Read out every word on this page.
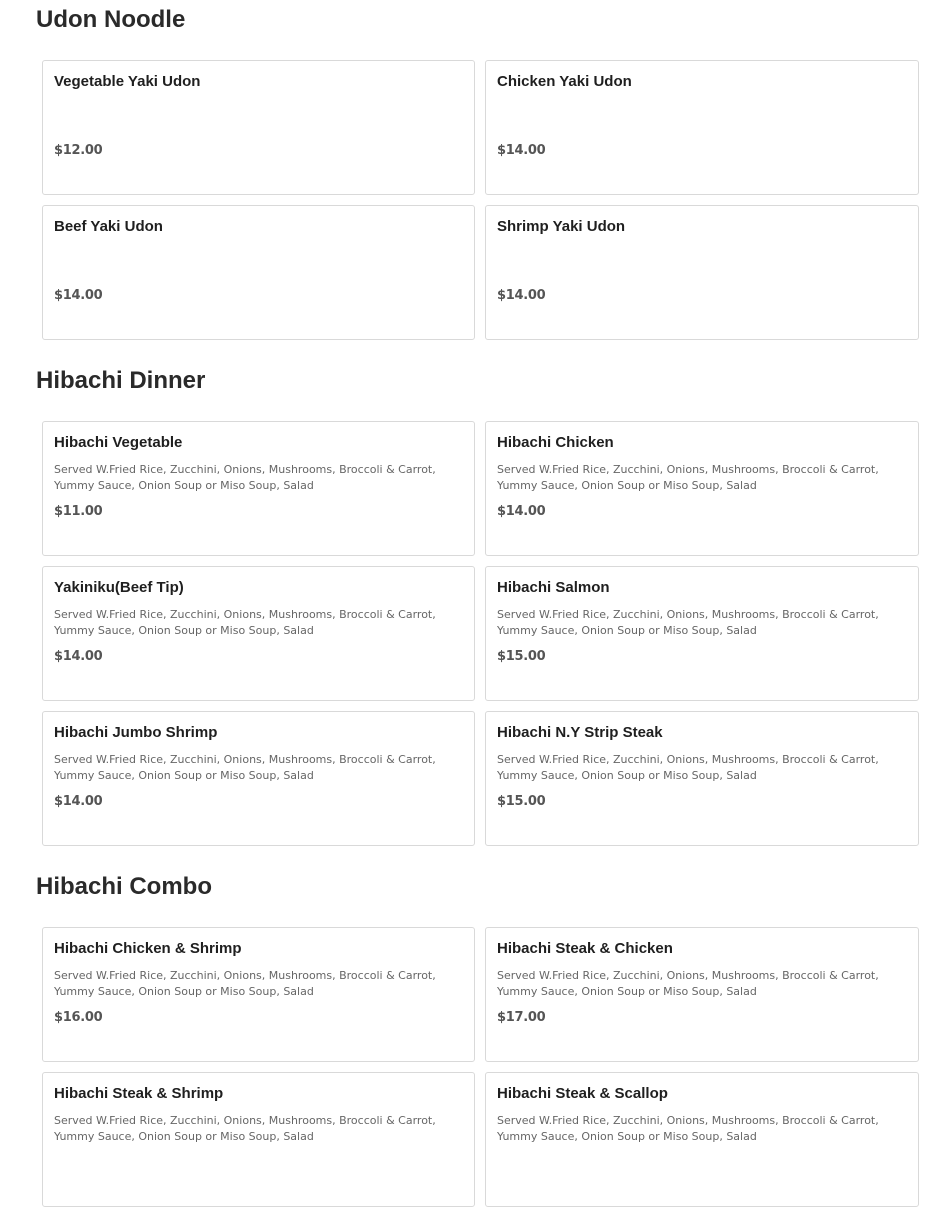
Udon Noodle
Vegetable Yaki Udon
$12.00
Chicken Yaki Udon
$14.00
Beef Yaki Udon
$14.00
Shrimp Yaki Udon
$14.00
Hibachi Dinner
Hibachi Vegetable
Served W.Fried Rice, Zucchini, Onions, Mushrooms, Broccoli & Carrot, Yummy Sauce, Onion Soup or Miso Soup, Salad
$11.00
Hibachi Chicken
Served W.Fried Rice, Zucchini, Onions, Mushrooms, Broccoli & Carrot, Yummy Sauce, Onion Soup or Miso Soup, Salad
$14.00
Yakiniku(Beef Tip)
Served W.Fried Rice, Zucchini, Onions, Mushrooms, Broccoli & Carrot, Yummy Sauce, Onion Soup or Miso Soup, Salad
$14.00
Hibachi Salmon
Served W.Fried Rice, Zucchini, Onions, Mushrooms, Broccoli & Carrot, Yummy Sauce, Onion Soup or Miso Soup, Salad
$15.00
Hibachi Jumbo Shrimp
Served W.Fried Rice, Zucchini, Onions, Mushrooms, Broccoli & Carrot, Yummy Sauce, Onion Soup or Miso Soup, Salad
$14.00
Hibachi N.Y Strip Steak
Served W.Fried Rice, Zucchini, Onions, Mushrooms, Broccoli & Carrot, Yummy Sauce, Onion Soup or Miso Soup, Salad
$15.00
Hibachi Combo
Hibachi Chicken & Shrimp
Served W.Fried Rice, Zucchini, Onions, Mushrooms, Broccoli & Carrot, Yummy Sauce, Onion Soup or Miso Soup, Salad
$16.00
Hibachi Steak & Chicken
Served W.Fried Rice, Zucchini, Onions, Mushrooms, Broccoli & Carrot, Yummy Sauce, Onion Soup or Miso Soup, Salad
$17.00
Hibachi Steak & Shrimp
Served W.Fried Rice, Zucchini, Onions, Mushrooms, Broccoli & Carrot, Yummy Sauce, Onion Soup or Miso Soup, Salad
Hibachi Steak & Scallop
Served W.Fried Rice, Zucchini, Onions, Mushrooms, Broccoli & Carrot, Yummy Sauce, Onion Soup or Miso Soup, Salad
